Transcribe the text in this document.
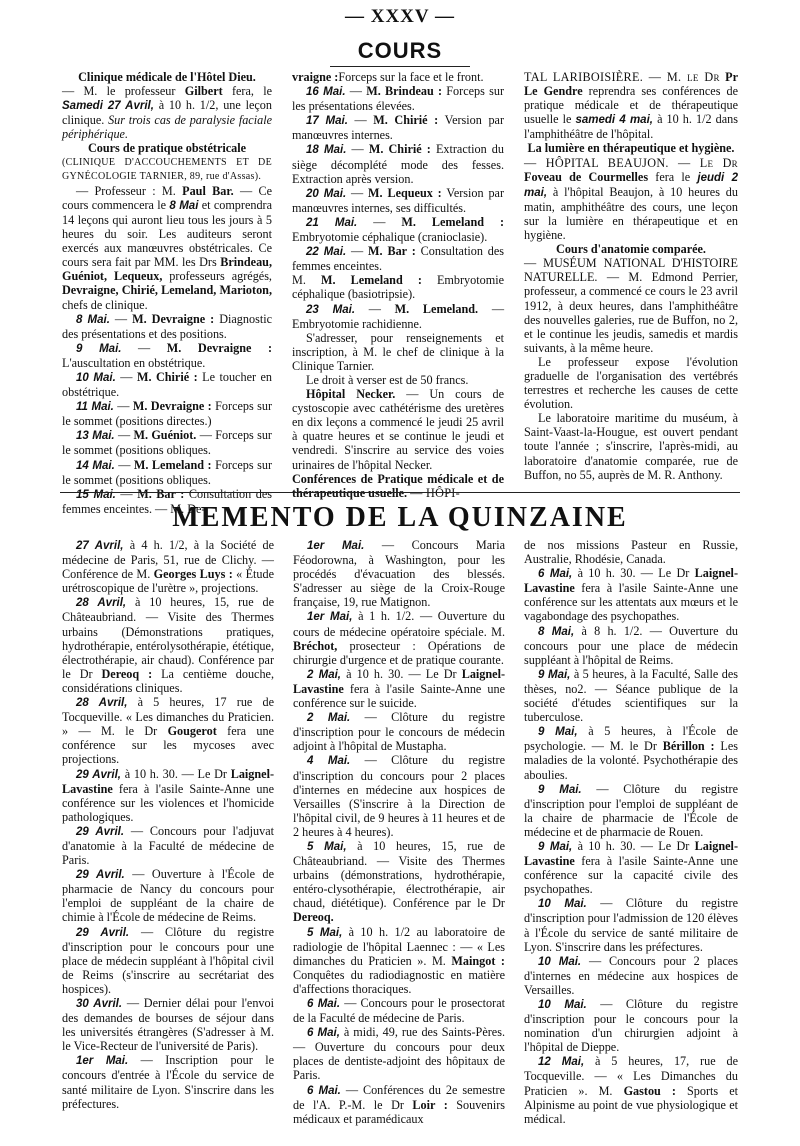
— XXXV —
COURS

Clinique médicale de l'Hôtel Dieu.

— M. le professeur Gilbert fera, le Samedi 27 Avril, à 10 h. 1/2, une leçon clinique. Sur trois cas de paralysie faciale périphérique.

Cours de pratique obstétricale

(CLINIQUE D'ACCOUCHEMENTS ET DE GYNÉCOLOGIE TARNIER, 89, rue d'Assas).

— Professeur : M. Paul Bar. — Ce cours commencera le 8 Mai et comprendra 14 leçons qui auront lieu tous les jours à 5 heures du soir. Les auditeurs seront exercés aux manœuvres obstétricales. Ce cours sera fait par MM. les Drs Brindeau, Guéniot, Lequeux, professeurs agrégés, Devraigne, Chirié, Lemeland, Marioton, chefs de clinique.

8 Mai. — M. Devraigne : Diagnostic des présentations et des positions.

9 Mai. — M. Devraigne : L'auscultation en obstétrique.

10 Mai. — M. Chirié : Le toucher en obstétrique.

11 Mai. — M. Devraigne : Forceps sur le sommet (positions directes.)

13 Mai. — M. Guéniot. — Forceps sur le sommet (positions obliques.

14 Mai. — M. Lemeland : Forceps sur le sommet (positions obliques.

15 Mai. — M. Bar : Consultation des femmes enceintes. — M. De-

vraigne :Forceps sur la face et le front.

16 Mai. — M. Brindeau : Forceps sur les présentations élevées.

17 Mai. — M. Chirié : Version par manœuvres internes.

18 Mai. — M. Chirié : Extraction du siège décomplété mode des fesses. Extraction après version.

20 Mai. — M. Lequeux : Version par manœuvres internes, ses difficultés.

21 Mai. — M. Lemeland : Embryotomie céphalique (cranioclasie).

22 Mai. — M. Bar : Consultation des femmes enceintes.

M. M. Lemeland : Embryotomie céphalique (basiotripsie).

23 Mai. — M. Lemeland. — Embryotomie rachidienne.

S'adresser, pour renseignements et inscription, à M. le chef de clinique à la Clinique Tarnier.

Le droit à verser est de 50 francs.

Hôpital Necker. — Un cours de cystoscopie avec cathétérisme des uretères en dix leçons a commencé le jeudi 25 avril à quatre heures et se continue le jeudi et vendredi. S'inscrire au service des voies urinaires de l'hôpital Necker.

Conférences de Pratique médicale et de thérapeutique usuelle. — HÔPI-

TAL LARIBOISIÈRE. — M. le Dr Pr Le Gendre reprendra ses conférences de pratique médicale et de thérapeutique usuelle le samedi 4 mai, à 10 h. 1/2 dans l'amphithéâtre de l'hôpital.

La lumière en thérapeutique et hygiène.

— HÔPITAL BEAUJON. — Le Dr Foveau de Courmelles fera le jeudi 2 mai, à l'hôpital Beaujon, à 10 heures du matin, amphithéâtre des cours, une leçon sur la lumière en thérapeutique et en hygiène.

Cours d'anatomie comparée.

— MUSÉUM NATIONAL D'HISTOIRE NATURELLE. — M. Edmond Perrier, professeur, a commencé ce cours le 23 avril 1912, à deux heures, dans l'amphithéâtre des nouvelles galeries, rue de Buffon, no 2, et le continue les jeudis, samedis et mardis suivants, à la même heure.

Le professeur expose l'évolution graduelle de l'organisation des vertébrés terrestres et recherche les causes de cette évolution.

Le laboratoire maritime du muséum, à Saint-Vaast-la-Hougue, est ouvert pendant toute l'année ; s'inscrire, l'après-midi, au laboratoire d'anatomie comparée, rue de Buffon, no 55, auprès de M. R. Anthony.

MEMENTO DE LA QUINZAINE

27 Avril, à 4 h. 1/2, à la Société de médecine de Paris, 51, rue de Clichy. — Conférence de M. Georges Luys : « Étude urétroscopique de l'urètre », projections.

28 Avril, à 10 heures, 15, rue de Châteaubriand. — Visite des Thermes urbains (Démonstrations pratiques, hydrothérapie, entérolysothérapie, ététique, électrothérapie, air chaud). Conférence par le Dr Dereoq : La centième douche, considérations cliniques.

28 Avril, à 5 heures, 17 rue de Tocqueville. « Les dimanches du Praticien. » — M. le Dr Gougerot fera une conférence sur les mycoses avec projections.

29 Avril, à 10 h. 30. — Le Dr Laignel-Lavastine fera à l'asile Sainte-Anne une conférence sur les violences et l'homicide pathologiques.

29 Avril. — Concours pour l'adjuvat d'anatomie à la Faculté de médecine de Paris.

29 Avril. — Ouverture à l'École de pharmacie de Nancy du concours pour l'emploi de suppléant de la chaire de chimie à l'École de médecine de Reims.

29 Avril. — Clôture du registre d'inscription pour le concours pour une place de médecin suppléant à l'hôpital civil de Reims (s'inscrire au secrétariat des hospices).

30 Avril. — Dernier délai pour l'envoi des demandes de bourses de séjour dans les universités étrangères (S'adresser à M. le Vice-Recteur de l'université de Paris).

1er Mai. — Inscription pour le concours d'entrée à l'École du service de santé militaire de Lyon. S'inscrire dans les préfectures.

1er Mai. — Concours Maria Féodorowna, à Washington, pour les procédés d'évacuation des blessés. S'adresser au siège de la Croix-Rouge française, 19, rue Matignon.

1er Mai, à 1 h. 1/2. — Ouverture du cours de médecine opératoire spéciale. M. Bréchot, prosecteur : Opérations de chirurgie d'urgence et de pratique courante.

2 Mai, à 10 h. 30. — Le Dr Laignel-Lavastine fera à l'asile Sainte-Anne une conférence sur le suicide.

2 Mai. — Clôture du registre d'inscription pour le concours de médecin adjoint à l'hôpital de Mustapha.

4 Mai. — Clôture du registre d'inscription du concours pour 2 places d'internes en médecine aux hospices de Versailles (S'inscrire à la Direction de l'hôpital civil, de 9 heures à 11 heures et de 2 heures à 4 heures).

5 Mai, à 10 heures, 15, rue de Châteaubriand. — Visite des Thermes urbains (démonstrations, hydrothérapie, entéro-clysothérapie, électrothérapie, air chaud, diététique). Conférence par le Dr Dereoq.

5 Mai, à 10 h. 1/2 au laboratoire de radiologie de l'hôpital Laennec : — « Les dimanches du Praticien ». M. Maingot : Conquêtes du radiodiagnostic en matière d'affections thoraciques.

6 Mai. — Concours pour le prosectorat de la Faculté de médecine de Paris.

6 Mai, à midi, 49, rue des Saints-Pères. — Ouverture du concours pour deux places de dentiste-adjoint des hôpitaux de Paris.

6 Mai. — Conférences du 2e semestre de l'A. P.-M. le Dr Loir : Souvenirs médicaux et paramédicaux

de nos missions Pasteur en Russie, Australie, Rhodésie, Canada.

6 Mai, à 10 h. 30. — Le Dr Laignel-Lavastine fera à l'asile Sainte-Anne une conférence sur les attentats aux mœurs et le vagabondage des psychopathes.

8 Mai, à 8 h. 1/2. — Ouverture du concours pour une place de médecin suppléant à l'hôpital de Reims.

9 Mai, à 5 heures, à la Faculté, Salle des thèses, no2. — Séance publique de la société d'études scientifiques sur la tuberculose.

9 Mai, à 5 heures, à l'École de psychologie. — M. le Dr Bérillon : Les maladies de la volonté. Psychothérapie des aboulies.

9 Mai. — Clôture du registre d'inscription pour l'emploi de suppléant de la chaire de pharmacie de l'École de médecine et de pharmacie de Rouen.

9 Mai, à 10 h. 30. — Le Dr Laignel-Lavastine fera à l'asile Sainte-Anne une conférence sur la capacité civile des psychopathes.

10 Mai. — Clôture du registre d'inscription pour l'admission de 120 élèves à l'École du service de santé militaire de Lyon. S'inscrire dans les préfectures.

10 Mai. — Concours pour 2 places d'internes en médecine aux hospices de Versailles.

10 Mai. — Clôture du registre d'inscription pour le concours pour la nomination d'un chirurgien adjoint à l'hôpital de Dieppe.

12 Mai, à 5 heures, 17, rue de Tocqueville. — « Les Dimanches du Praticien ». M. Gastou : Sports et Alpinisme au point de vue physiologique et médical.
